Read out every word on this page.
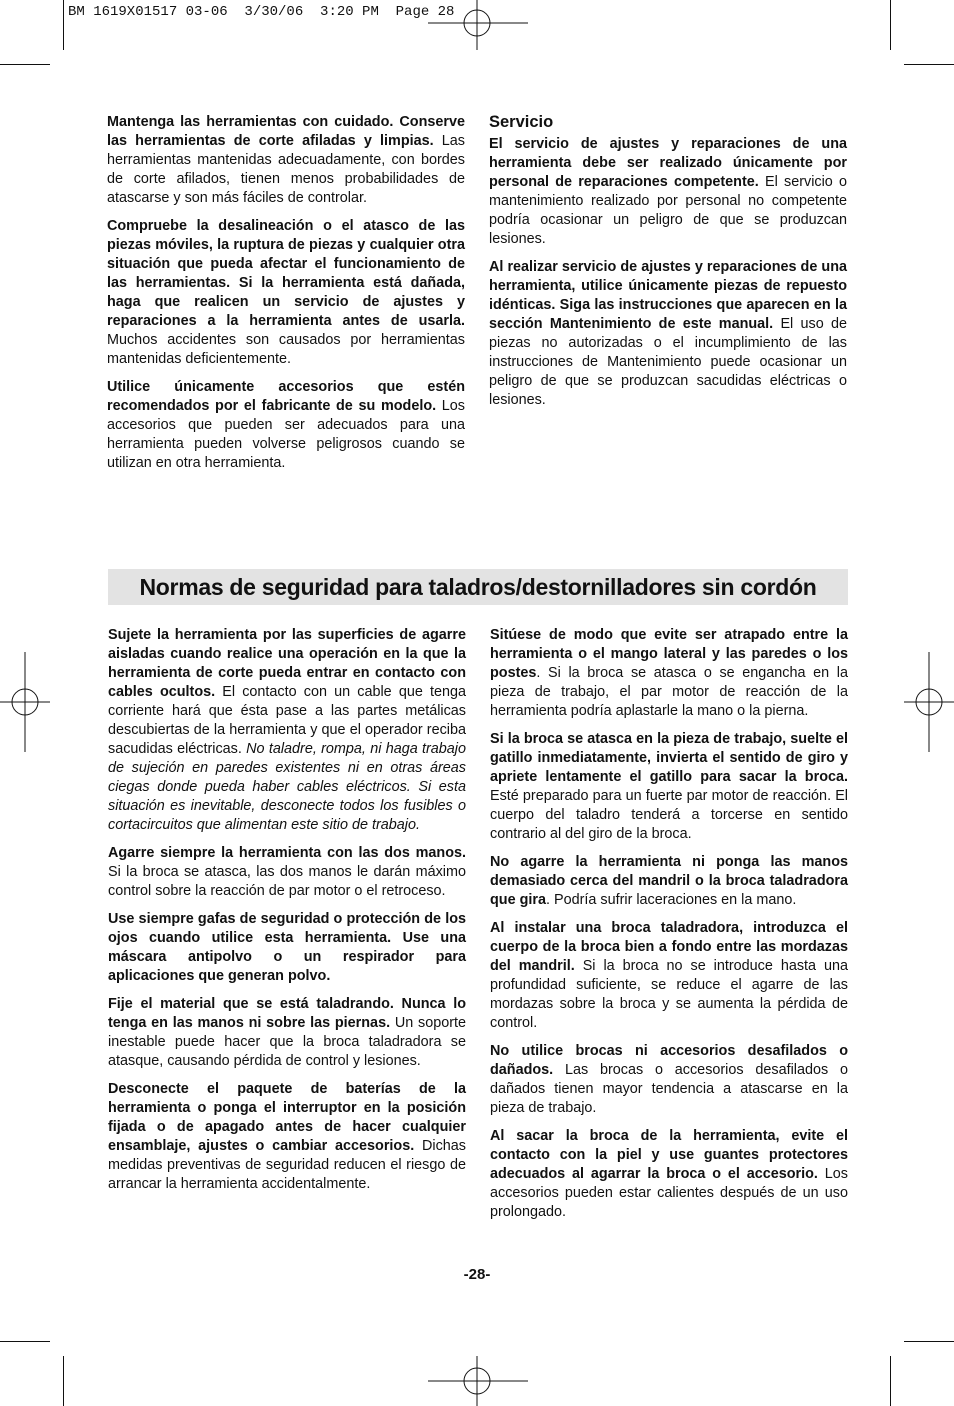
BM 1619X01517 03-06  3/30/06  3:20 PM  Page 28

Mantenga las herramientas con cuidado. Conserve las herramientas de corte afiladas y limpias. Las herramientas mantenidas adecuadamente, con bordes de corte afilados, tienen menos probabilidades de atascarse y son más fáciles de controlar.

Compruebe la desalineación o el atasco de las piezas móviles, la ruptura de piezas y cualquier otra situación que pueda afectar el funcionamiento de las herramientas. Si la herramienta está dañada, haga que realicen un servicio de ajustes y reparaciones a la herramienta antes de usarla. Muchos accidentes son causados por herramientas mantenidas deficientemente.

Utilice únicamente accesorios que estén recomendados por el fabricante de su modelo. Los accesorios que pueden ser adecuados para una herramienta pueden volverse peligrosos cuando se utilizan en otra herramienta.

Servicio

El servicio de ajustes y reparaciones de una herramienta debe ser realizado únicamente por personal de reparaciones competente. El servicio o mantenimiento realizado por personal no competente podría ocasionar un peligro de que se produzcan lesiones.

Al realizar servicio de ajustes y reparaciones de una herramienta, utilice únicamente piezas de repuesto idénticas. Siga las instrucciones que aparecen en la sección Mantenimiento de este manual. El uso de piezas no autorizadas o el incumplimiento de las instrucciones de Mantenimiento puede ocasionar un peligro de que se produzcan sacudidas eléctricas o lesiones.

Normas de seguridad para taladros/destornilladores sin cordón

Sujete la herramienta por las superficies de agarre aisladas cuando realice una operación en la que la herramienta de corte pueda entrar en contacto con cables ocultos. El contacto con un cable que tenga corriente hará que ésta pase a las partes metálicas descubiertas de la herramienta y que el operador reciba sacudidas eléctricas. No taladre, rompa, ni haga trabajo de sujeción en paredes existentes ni en otras áreas ciegas donde pueda haber cables eléctricos. Si esta situación es inevitable, desconecte todos los fusibles o cortacircuitos que alimentan este sitio de trabajo.

Agarre siempre la herramienta con las dos manos. Si la broca se atasca, las dos manos le darán máximo control sobre la reacción de par motor o el retroceso.

Use siempre gafas de seguridad o protección de los ojos cuando utilice esta herramienta. Use una máscara antipolvo o un respirador para aplicaciones que generan polvo.

Fije el material que se está taladrando. Nunca lo tenga en las manos ni sobre las piernas. Un soporte inestable puede hacer que la broca taladradora se atasque, causando pérdida de control y lesiones.

Desconecte el paquete de baterías de la herramienta o ponga el interruptor en la posición fijada o de apagado antes de hacer cualquier ensamblaje, ajustes o cambiar accesorios. Dichas medidas preventivas de seguridad reducen el riesgo de arrancar la herramienta accidentalmente.

Sitúese de modo que evite ser atrapado entre la herramienta o el mango lateral y las paredes o los postes. Si la broca se atasca o se engancha en la pieza de trabajo, el par motor de reacción de la herramienta podría aplastarle la mano o la pierna.

Si la broca se atasca en la pieza de trabajo, suelte el gatillo inmediatamente, invierta el sentido de giro y apriete lentamente el gatillo para sacar la broca. Esté preparado para un fuerte par motor de reacción. El cuerpo del taladro tenderá a torcerse en sentido contrario al del giro de la broca.

No agarre la herramienta ni ponga las manos demasiado cerca del mandril o la broca taladradora que gira. Podría sufrir laceraciones en la mano.

Al instalar una broca taladradora, introduzca el cuerpo de la broca bien a fondo entre las mordazas del mandril. Si la broca no se introduce hasta una profundidad suficiente, se reduce el agarre de las mordazas sobre la broca y se aumenta la pérdida de control.

No utilice brocas ni accesorios desafilados o dañados. Las brocas o accesorios desafilados o dañados tienen mayor tendencia a atascarse en la pieza de trabajo.

Al sacar la broca de la herramienta, evite el contacto con la piel y use guantes protectores adecuados al agarrar la broca o el accesorio. Los accesorios pueden estar calientes después de un uso prolongado.

-28-
